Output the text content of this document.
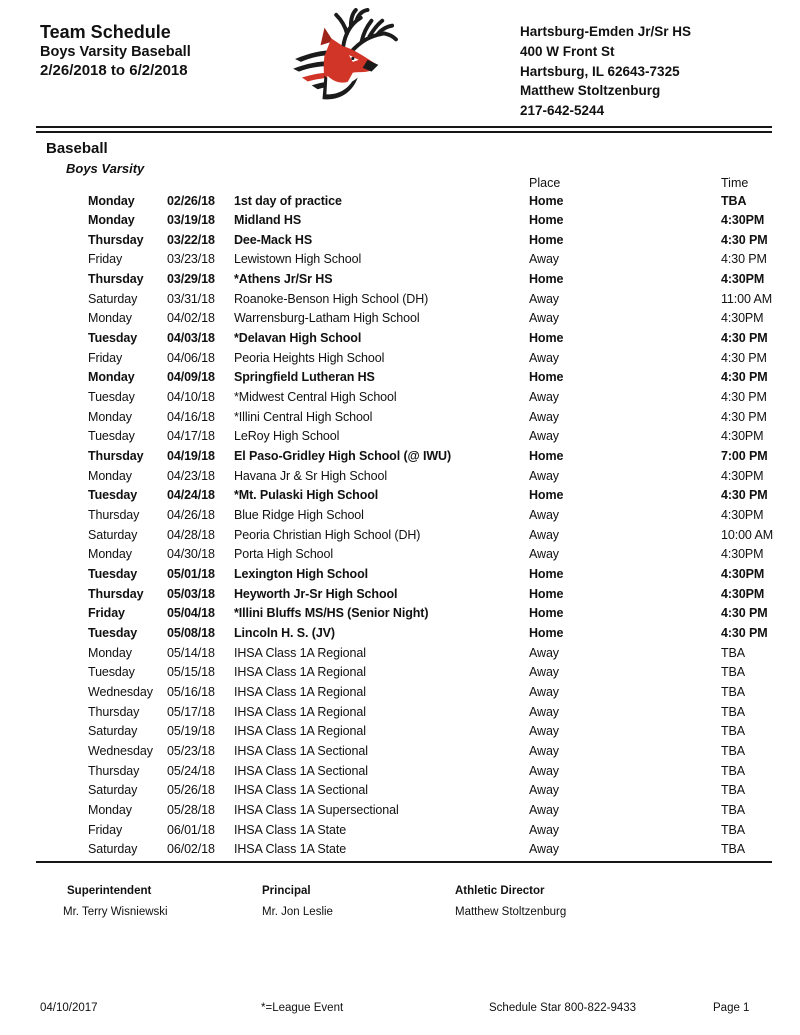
Team Schedule
Boys Varsity Baseball
2/26/2018 to 6/2/2018
Hartsburg-Emden Jr/Sr HS
400 W Front St
Hartsburg, IL 62643-7325
Matthew Stoltzenburg
217-642-5244
Baseball
Boys Varsity
Place	Time
Monday	02/26/18 1st day of practice	Home	TBA
Monday	03/19/18 Midland HS	Home	4:30PM
Thursday 03/22/18 Dee-Mack HS	Home	4:30 PM
Friday	03/23/18 Lewistown High School	Away	4:30 PM
Thursday 03/29/18 *Athens Jr/Sr HS	Home	4:30PM
Saturday 03/31/18 Roanoke-Benson High School (DH)	Away	11:00 AM
Monday	04/02/18 Warrensburg-Latham High School	Away	4:30PM
Tuesday 04/03/18 *Delavan High School	Home	4:30 PM
Friday	04/06/18 Peoria Heights High School	Away	4:30 PM
Monday	04/09/18 Springfield Lutheran HS	Home	4:30 PM
Tuesday	04/10/18 *Midwest Central High School	Away	4:30 PM
Monday	04/16/18 *Illini Central High School	Away	4:30 PM
Tuesday	04/17/18 LeRoy High School	Away	4:30PM
Thursday 04/19/18 El Paso-Gridley High School (@ IWU)	Home	7:00 PM
Monday	04/23/18 Havana Jr & Sr High School	Away	4:30PM
Tuesday 04/24/18 *Mt. Pulaski High School	Home	4:30 PM
Thursday 04/26/18 Blue Ridge High School	Away	4:30PM
Saturday 04/28/18 Peoria Christian High School (DH)	Away	10:00 AM
Monday	04/30/18 Porta High School	Away	4:30PM
Tuesday 05/01/18 Lexington High School	Home	4:30PM
Thursday 05/03/18 Heyworth Jr-Sr High School	Home	4:30PM
Friday	05/04/18 *Illini Bluffs MS/HS (Senior Night)	Home	4:30 PM
Tuesday 05/08/18 Lincoln H. S. (JV)	Home	4:30 PM
Monday	05/14/18 IHSA Class 1A Regional	Away	TBA
Tuesday	05/15/18 IHSA Class 1A Regional	Away	TBA
Wednesday 05/16/18 IHSA Class 1A Regional	Away	TBA
Thursday 05/17/18 IHSA Class 1A Regional	Away	TBA
Saturday 05/19/18 IHSA Class 1A Regional	Away	TBA
Wednesday 05/23/18 IHSA Class 1A Sectional	Away	TBA
Thursday 05/24/18 IHSA Class 1A Sectional	Away	TBA
Saturday 05/26/18 IHSA Class 1A Sectional	Away	TBA
Monday	05/28/18 IHSA Class 1A Supersectional	Away	TBA
Friday	06/01/18 IHSA Class 1A State	Away	TBA
Saturday 06/02/18 IHSA Class 1A State	Away	TBA
Superintendent
Mr. Terry Wisniewski
Principal
Mr. Jon Leslie
Athletic Director
Matthew Stoltzenburg
04/10/2017	*=League Event	Schedule Star 800-822-9433	Page 1
